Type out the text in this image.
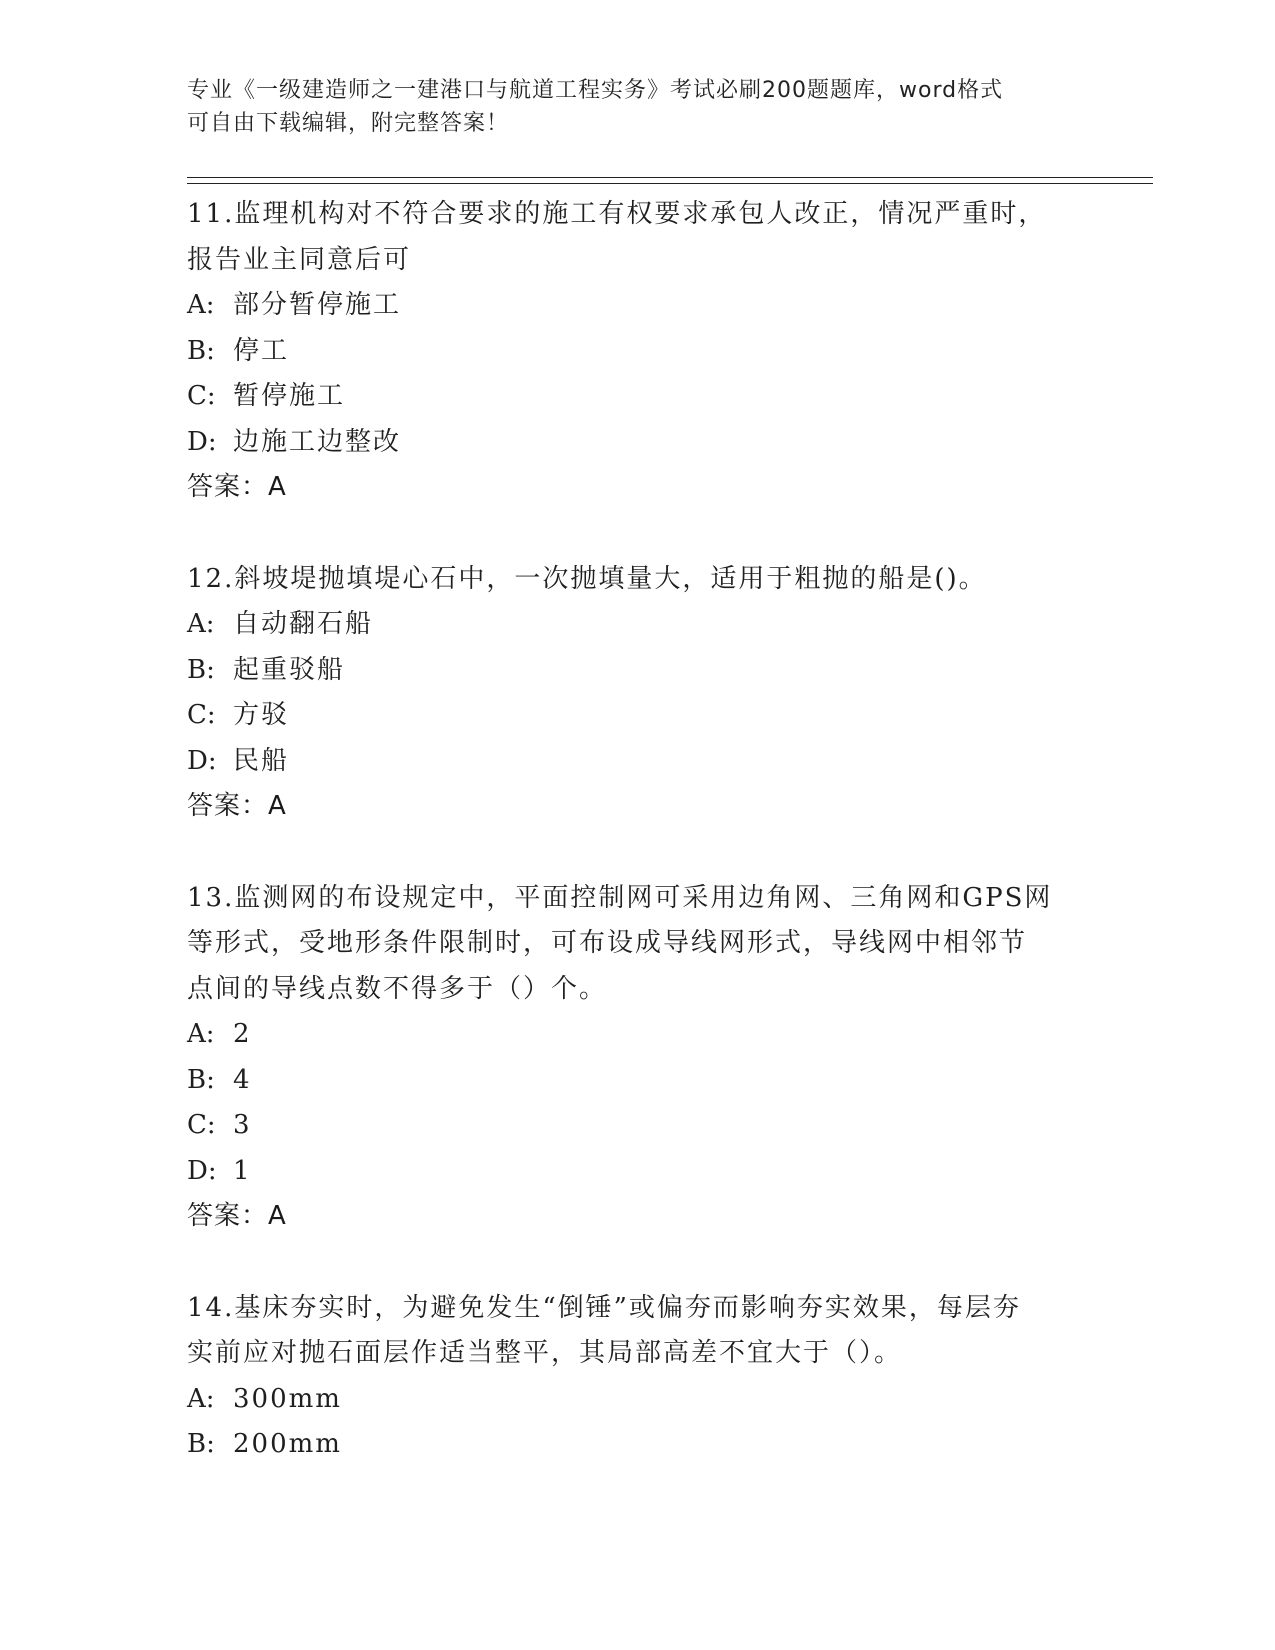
专业《一级建造师之一建港口与航道工程实务》考试必刷200题题库，word格式
可自由下载编辑，附完整答案！
11.监理机构对不符合要求的施工有权要求承包人改正，情况严重时，
报告业主同意后可
A: 部分暂停施工
B: 停工
C: 暂停施工
D: 边施工边整改
答案：A
12.斜坡堤抛填堤心石中，一次抛填量大，适用于粗抛的船是()。
A: 自动翻石船
B: 起重驳船
C: 方驳
D: 民船
答案：A
13.监测网的布设规定中，平面控制网可采用边角网、三角网和GPS网
等形式，受地形条件限制时，可布设成导线网形式，导线网中相邻节
点间的导线点数不得多于（）个。
A: 2
B: 4
C: 3
D: 1
答案：A
14.基床夯实时，为避免发生“倒锤”或偏夯而影响夯实效果，每层夯
实前应对抛石面层作适当整平，其局部高差不宜大于（）。
A: 300mm
B: 200mm
